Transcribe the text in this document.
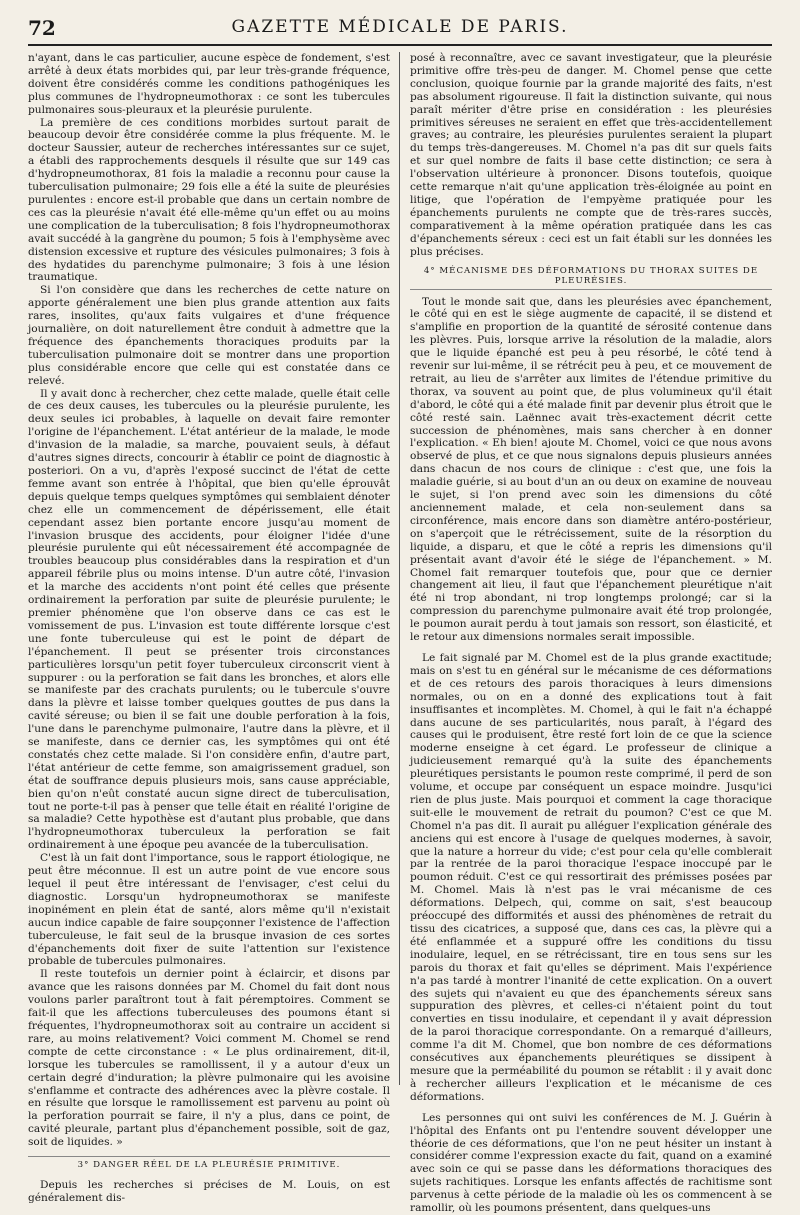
72	GAZETTE MÉDICALE DE PARIS.

n'ayant, dans le cas particulier, aucune espèce de fondement, s'est arrêté à deux états morbides qui, par leur très-grande fréquence, doivent être considérés comme les conditions pathogéniques les plus communes de l'hydropneumothorax : ce sont les tubercules pulmonaires sous-pleuraux et la pleurésie purulente.

La première de ces conditions morbides surtout parait de beaucoup devoir être considérée comme la plus fréquente. M. le docteur Saussier, auteur de recherches intéressantes sur ce sujet, a établi des rapprochements desquels il résulte que sur 149 cas d'hydropneumothorax, 81 fois la maladie a reconnu pour cause la tuberculisation pulmonaire; 29 fois elle a été la suite de pleurésies purulentes : encore est-il probable que dans un certain nombre de ces cas la pleurésie n'avait été elle-même qu'un effet ou au moins une complication de la tuberculisation; 8 fois l'hydropneumothorax avait succédé à la gangrène du poumon; 5 fois à l'emphysème avec distension excessive et rupture des vésicules pulmonaires; 3 fois à des hydatides du parenchyme pulmonaire; 3 fois à une lésion traumatique.

Si l'on considère que dans les recherches de cette nature on apporte généralement une bien plus grande attention aux faits rares, insolites, qu'aux faits vulgaires et d'une fréquence journalière, on doit naturellement être conduit à admettre que la fréquence des épanchements thoraciques produits par la tuberculisation pulmonaire doit se montrer dans une proportion plus considérable encore que celle qui est constatée dans ce relevé.

Il y avait donc à rechercher, chez cette malade, quelle était celle de ces deux causes, les tubercules ou la pleurésie purulente, les deux seules ici probables, à laquelle on devait faire remonter l'origine de l'épanchement. L'état antérieur de la malade, le mode d'invasion de la maladie, sa marche, pouvaient seuls, à défaut d'autres signes directs, concourir à établir ce point de diagnostic à posteriori. On a vu, d'après l'exposé succinct de l'état de cette femme avant son entrée à l'hôpital, que bien qu'elle éprouvât depuis quelque temps quelques symptômes qui semblaient dénoter chez elle un commencement de dépérissement, elle était cependant assez bien portante encore jusqu'au moment de l'invasion brusque des accidents, pour éloigner l'idée d'une pleurésie purulente qui eût nécessairement été accompagnée de troubles beaucoup plus considérables dans la respiration et d'un appareil fébrile plus ou moins intense. D'un autre côté, l'invasion et la marche des accidents n'ont point été celles que présente ordinairement la perforation par suite de pleurésie purulente; le premier phénomène que l'on observe dans ce cas est le vomissement de pus. L'invasion est toute différente lorsque c'est une fonte tuberculeuse qui est le point de départ de l'épanchement. Il peut se présenter trois circonstances particulières lorsqu'un petit foyer tuberculeux circonscrit vient à suppurer : ou la perforation se fait dans les bronches, et alors elle se manifeste par des crachats purulents; ou le tubercule s'ouvre dans la plèvre et laisse tomber quelques gouttes de pus dans la cavité séreuse; ou bien il se fait une double perforation à la fois, l'une dans le parenchyme pulmonaire, l'autre dans la plèvre, et il se manifeste, dans ce dernier cas, les symptômes qui ont été constatés chez cette malade. Si l'on considère enfin, d'autre part, l'état antérieur de cette femme, son amaigrissement graduel, son état de souffrance depuis plusieurs mois, sans cause appréciable, bien qu'on n'eût constaté aucun signe direct de tuberculisation, tout ne porte-t-il pas à penser que telle était en réalité l'origine de sa maladie? Cette hypothèse est d'autant plus probable, que dans l'hydropneumothorax tuberculeux la perforation se fait ordinairement à une époque peu avancée de la tuberculisation.

C'est là un fait dont l'importance, sous le rapport étiologique, ne peut être méconnue. Il est un autre point de vue encore sous lequel il peut être intéressant de l'envisager, c'est celui du diagnostic. Lorsqu'un hydropneumothorax se manifeste inopinément en plein état de santé, alors même qu'il n'existait aucun indice capable de faire soupçonner l'existence de l'affection tuberculeuse, le fait seul de la brusque invasion de ces sortes d'épanchements doit fixer de suite l'attention sur l'existence probable de tubercules pulmonaires.

Il reste toutefois un dernier point à éclaircir, et disons par avance que les raisons données par M. Chomel du fait dont nous voulons parler paraîtront tout à fait péremptoires. Comment se fait-il que les affections tuberculeuses des poumons étant si fréquentes, l'hydropneumothorax soit au contraire un accident si rare, au moins relativement? Voici comment M. Chomel se rend compte de cette circonstance : « Le plus ordinairement, dit-il, lorsque les tubercules se ramollissent, il y a autour d'eux un certain degré d'induration; la plèvre pulmonaire qui les avoisine s'enflamme et contracte des adhérences avec la plèvre costale. Il en résulte que lorsque le ramollissement est parvenu au point où la perforation pourrait se faire, il n'y a plus, dans ce point, de cavité pleurale, partant plus d'épanchement possible, soit de gaz, soit de liquides. »

3° DANGER RÉEL DE LA PLEURÉSIE PRIMITIVE.

Depuis les recherches si précises de M. Louis, on est généralement dis-

posé à reconnaître, avec ce savant investigateur, que la pleurésie primitive offre très-peu de danger. M. Chomel pense que cette conclusion, quoique fournie par la grande majorité des faits, n'est pas absolument rigoureuse. Il fait la distinction suivante, qui nous paraît mériter d'être prise en considération : les pleurésies primitives séreuses ne seraient en effet que très-accidentellement graves; au contraire, les pleurésies purulentes seraient la plupart du temps très-dangereuses. M. Chomel n'a pas dit sur quels faits et sur quel nombre de faits il base cette distinction; ce sera à l'observation ultérieure à prononcer. Disons toutefois, quoique cette remarque n'ait qu'une application très-éloignée au point en litige, que l'opération de l'empyème pratiquée pour les épanchements purulents ne compte que de très-rares succès, comparativement à la même opération pratiquée dans les cas d'épanchements séreux : ceci est un fait établi sur les données les plus précises.

4° MÉCANISME DES DÉFORMATIONS DU THORAX SUITES DE PLEURÉSIES.

Tout le monde sait que, dans les pleurésies avec épanchement, le côté qui en est le siège augmente de capacité, il se distend et s'amplifie en proportion de la quantité de sérosité contenue dans les plèvres. Puis, lorsque arrive la résolution de la maladie, alors que le liquide épanché est peu à peu résorbé, le côté tend à revenir sur lui-même, il se rétrécit peu à peu, et ce mouvement de retrait, au lieu de s'arrêter aux limites de l'étendue primitive du thorax, va souvent au point que, de plus volumineux qu'il était d'abord, le côté qui a été malade finit par devenir plus étroit que le côté resté sain. Laënnec avait très-exactement décrit cette succession de phénomènes, mais sans chercher à en donner l'explication. « Eh bien! ajoute M. Chomel, voici ce que nous avons observé de plus, et ce que nous signalons depuis plusieurs années dans chacun de nos cours de clinique : c'est que, une fois la maladie guérie, si au bout d'un an ou deux on examine de nouveau le sujet, si l'on prend avec soin les dimensions du côté anciennement malade, et cela non-seulement dans sa circonférence, mais encore dans son diamètre antéro-postérieur, on s'aperçoit que le rétrécissement, suite de la résorption du liquide, a disparu, et que le côté a repris les dimensions qu'il présentait avant d'avoir été le siége de l'épanchement. » M. Chomel fait remarquer toutefois que, pour que ce dernier changement ait lieu, il faut que l'épanchement pleurétique n'ait été ni trop abondant, ni trop longtemps prolongé; car si la compression du parenchyme pulmonaire avait été trop prolongée, le poumon aurait perdu à tout jamais son ressort, son élasticité, et le retour aux dimensions normales serait impossible.

Le fait signalé par M. Chomel est de la plus grande exactitude; mais on s'est tu en général sur le mécanisme de ces déformations et de ces retours des parois thoraciques à leurs dimensions normales, ou on en a donné des explications tout à fait insuffisantes et incomplètes. M. Chomel, à qui le fait n'a échappé dans aucune de ses particularités, nous paraît, à l'égard des causes qui le produisent, être resté fort loin de ce que la science moderne enseigne à cet égard. Le professeur de clinique a judicieusement remarqué qu'à la suite des épanchements pleurétiques persistants le poumon reste comprimé, il perd de son volume, et occupe par conséquent un espace moindre. Jusqu'ici rien de plus juste. Mais pourquoi et comment la cage thoracique suit-elle le mouvement de retrait du poumon? C'est ce que M. Chomel n'a pas dit. Il aurait pu alléguer l'explication générale des anciens qui est encore à l'usage de quelques modernes, à savoir, que la nature a horreur du vide; c'est pour cela qu'elle comblerait par la rentrée de la paroi thoracique l'espace inoccupé par le poumon réduit. C'est ce qui ressortirait des prémisses posées par M. Chomel. Mais là n'est pas le vrai mécanisme de ces déformations. Delpech, qui, comme on sait, s'est beaucoup préoccupé des difformités et aussi des phénomènes de retrait du tissu des cicatrices, a supposé que, dans ces cas, la plèvre qui a été enflammée et a suppuré offre les conditions du tissu inodulaire, lequel, en se rétrécissant, tire en tous sens sur les parois du thorax et fait qu'elles se dépriment. Mais l'expérience n'a pas tardé à montrer l'inanité de cette explication. On a ouvert des sujets qui n'avaient eu que des épanchements séreux sans suppuration des plèvres, et celles-ci n'étaient point du tout converties en tissu inodulaire, et cependant il y avait dépression de la paroi thoracique correspondante. On a remarqué d'ailleurs, comme l'a dit M. Chomel, que bon nombre de ces déformations consécutives aux épanchements pleurétiques se dissipent à mesure que la perméabilité du poumon se rétablit : il y avait donc à rechercher ailleurs l'explication et le mécanisme de ces déformations.

Les personnes qui ont suivi les conférences de M. J. Guérin à l'hôpital des Enfants ont pu l'entendre souvent développer une théorie de ces déformations, que l'on ne peut hésiter un instant à considérer comme l'expression exacte du fait, quand on a examiné avec soin ce qui se passe dans les déformations thoraciques des sujets rachitiques. Lorsque les enfants affectés de rachitisme sont parvenus à cette période de la maladie où les os commencent à se ramollir, où les poumons présentent, dans quelques-uns
